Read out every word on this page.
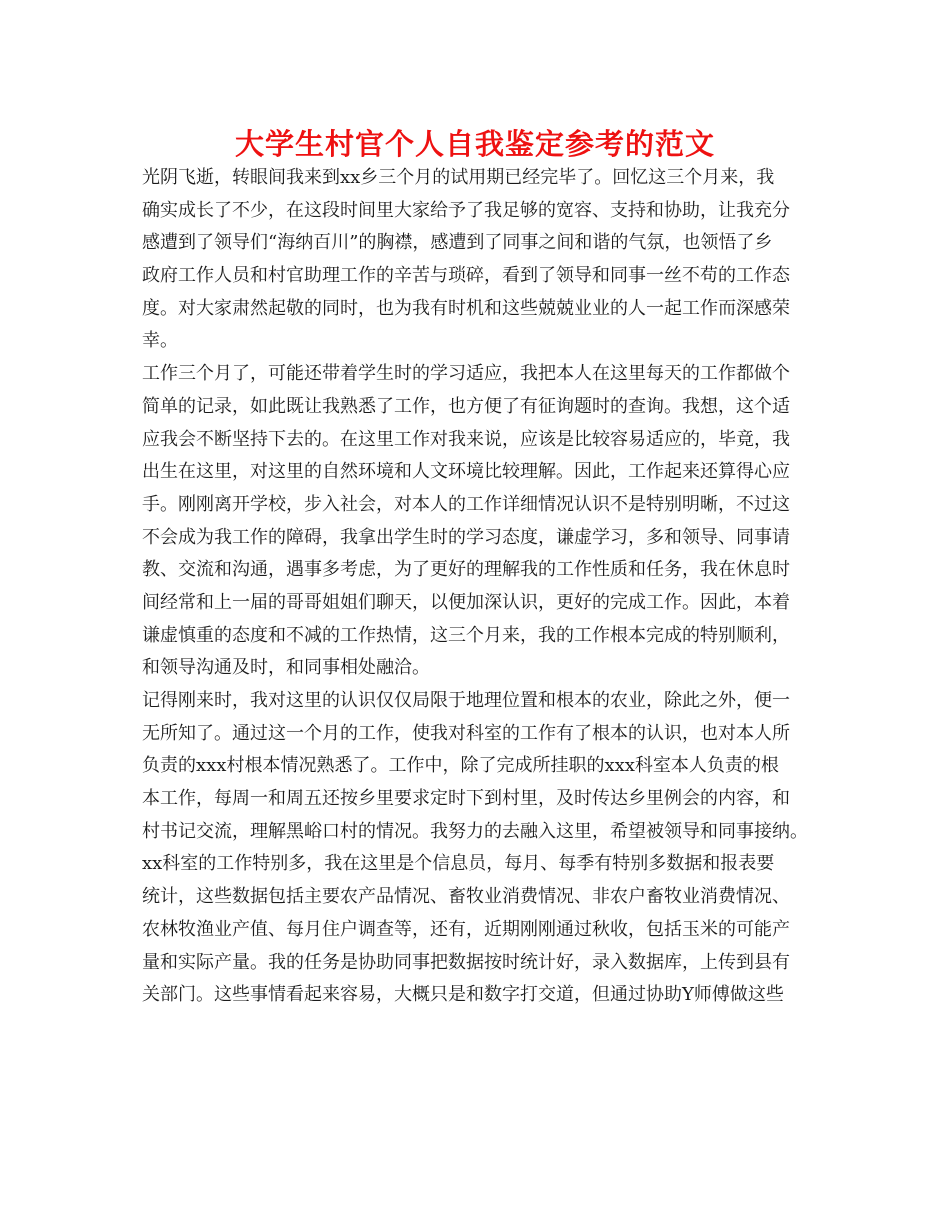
大学生村官个人自我鉴定参考的范文
光阴飞逝，转眼间我来到xx乡三个月的试用期已经完毕了。回忆这三个月来，我
确实成长了不少，在这段时间里大家给予了我足够的宽容、支持和协助，让我充分
感遭到了领导们“海纳百川”的胸襟，感遭到了同事之间和谐的气氛，也领悟了乡
政府工作人员和村官助理工作的辛苦与琐碎，看到了领导和同事一丝不苟的工作态
度。对大家肃然起敬的同时，也为我有时机和这些兢兢业业的人一起工作而深感荣
幸。
工作三个月了，可能还带着学生时的学习适应，我把本人在这里每天的工作都做个
简单的记录，如此既让我熟悉了工作，也方便了有征询题时的查询。我想，这个适
应我会不断坚持下去的。在这里工作对我来说，应该是比较容易适应的，毕竟，我
出生在这里，对这里的自然环境和人文环境比较理解。因此，工作起来还算得心应
手。刚刚离开学校，步入社会，对本人的工作详细情况认识不是特别明晰，不过这
不会成为我工作的障碍，我拿出学生时的学习态度，谦虚学习，多和领导、同事请
教、交流和沟通，遇事多考虑，为了更好的理解我的工作性质和任务，我在休息时
间经常和上一届的哥哥姐姐们聊天，以便加深认识，更好的完成工作。因此，本着
谦虚慎重的态度和不减的工作热情，这三个月来，我的工作根本完成的特别顺利，
和领导沟通及时，和同事相处融洽。
记得刚来时，我对这里的认识仅仅局限于地理位置和根本的农业，除此之外，便一
无所知了。通过这一个月的工作，使我对科室的工作有了根本的认识，也对本人所
负责的xxx村根本情况熟悉了。工作中，除了完成所挂职的xxx科室本人负责的根
本工作，每周一和周五还按乡里要求定时下到村里，及时传达乡里例会的内容，和
村书记交流，理解黑峪口村的情况。我努力的去融入这里，希望被领导和同事接纳。
xx科室的工作特别多，我在这里是个信息员，每月、每季有特别多数据和报表要
统计，这些数据包括主要农产品情况、畜牧业消费情况、非农户畜牧业消费情况、
农林牧渔业产值、每月住户调查等，还有，近期刚刚通过秋收，包括玉米的可能产
量和实际产量。我的任务是协助同事把数据按时统计好，录入数据库，上传到县有
关部门。这些事情看起来容易，大概只是和数字打交道，但通过协助Y师傅做这些
